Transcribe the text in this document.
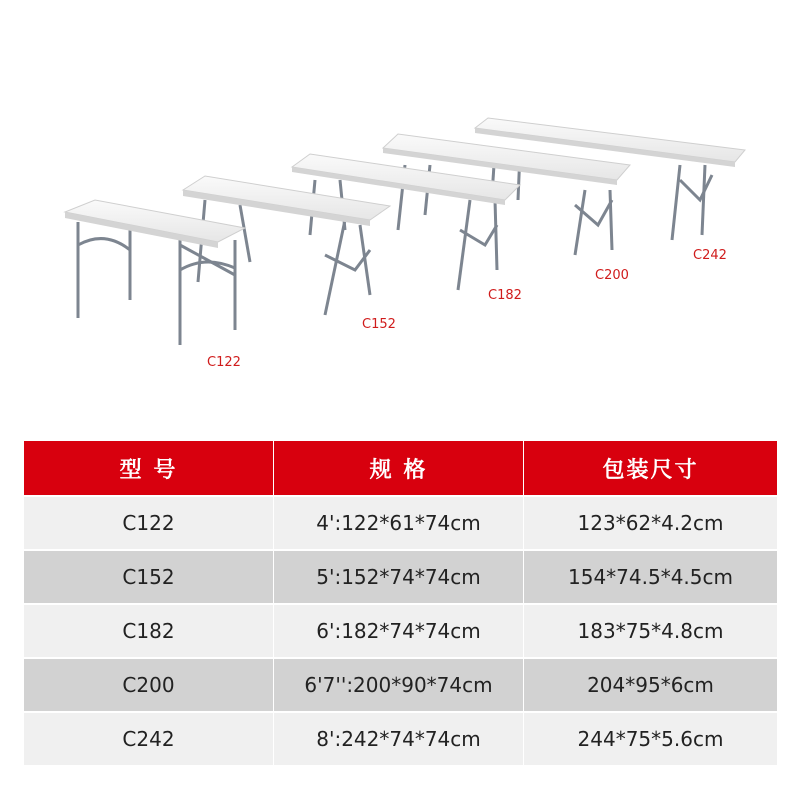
C122
C152
C182
C200
C242
型 号	规 格	包装尺寸
C122	4':122*61*74cm	123*62*4.2cm
C152	5':152*74*74cm	154*74.5*4.5cm
C182	6':182*74*74cm	183*75*4.8cm
C200	6'7'':200*90*74cm	204*95*6cm
C242	8':242*74*74cm	244*75*5.6cm
